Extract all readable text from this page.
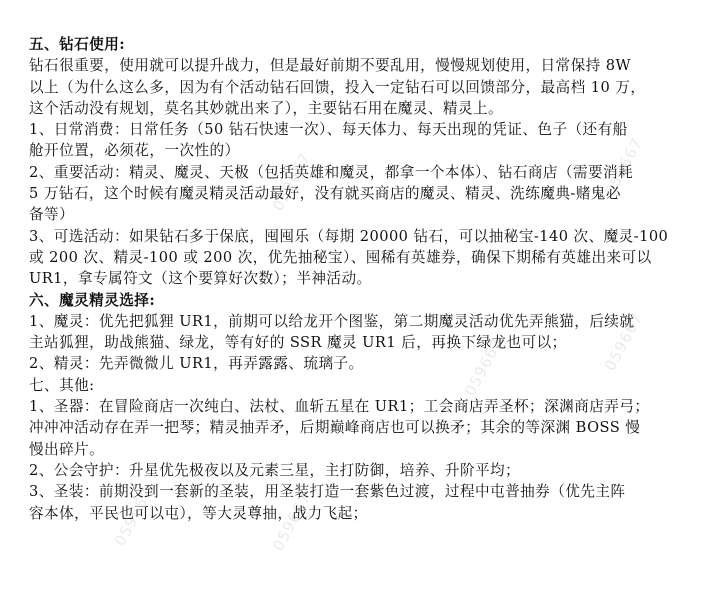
五、钻石使用:
钻石很重要，使用就可以提升战力，但是最好前期不要乱用，慢慢规划使用，日常保持 8W
以上（为什么这么多，因为有个活动钻石回馈，投入一定钻石可以回馈部分，最高档 10 万，
这个活动没有规划，莫名其妙就出来了），主要钻石用在魔灵、精灵上。
1、日常消费：日常任务（50 钻石快速一次）、每天体力、每天出现的凭证、色子（还有船
舱开位置，必须花，一次性的）
2、重要活动：精灵、魔灵、天极（包括英雄和魔灵，都拿一个本体）、钻石商店（需要消耗
5 万钻石，这个时候有魔灵精灵活动最好，没有就买商店的魔灵、精灵、洗练魔典-赌鬼必
备等）
3、可选活动：如果钻石多于保底，囤囤乐（每期 20000 钻石，可以抽秘宝-140 次、魔灵-100
或 200 次、精灵-100 或 200 次，优先抽秘宝）、囤稀有英雄券，确保下期稀有英雄出来可以
UR1，拿专属符文（这个要算好次数）；半神活动。
六、魔灵精灵选择:
1、魔灵：优先把狐狸 UR1，前期可以给龙开个图鉴，第二期魔灵活动优先弄熊猫，后续就
主站狐狸，助战熊猫、绿龙，等有好的 SSR 魔灵 UR1 后，再换下绿龙也可以；
2、精灵：先弄微微儿 UR1，再弄露露、琉璃子。
七、其他:
1、圣器：在冒险商店一次纯白、法杖、血斩五星在 UR1；工会商店弄圣杯；深渊商店弄弓；
冲冲冲活动存在弄一把琴；精灵抽弄矛，后期巅峰商店也可以换矛；其余的等深渊 BOSS 慢
慢出碎片。
2、公会守护：升星优先极夜以及元素三星，主打防御，培养、升阶平均；
3、圣装：前期没到一套新的圣装，用圣装打造一套紫色过渡，过程中屯普抽券（优先主阵
容本体，平民也可以屯），等大灵尊抽，战力飞起；
059667	059667
059667	059667
059667
059667
